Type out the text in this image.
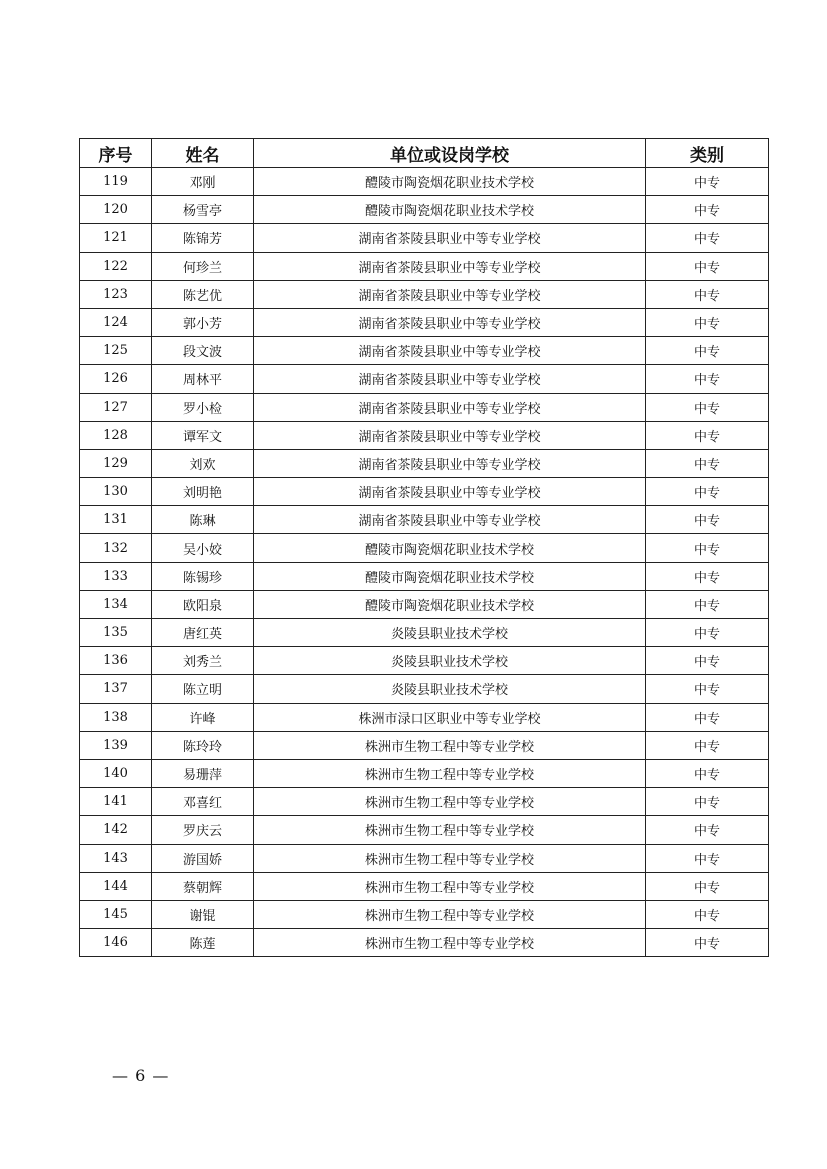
序号	姓名	单位或设岗学校	类别
119	邓刚	醴陵市陶瓷烟花职业技术学校	中专
120	杨雪亭	醴陵市陶瓷烟花职业技术学校	中专
121	陈锦芳	湖南省茶陵县职业中等专业学校	中专
122	何珍兰	湖南省茶陵县职业中等专业学校	中专
123	陈艺优	湖南省茶陵县职业中等专业学校	中专
124	郭小芳	湖南省茶陵县职业中等专业学校	中专
125	段文波	湖南省茶陵县职业中等专业学校	中专
126	周林平	湖南省茶陵县职业中等专业学校	中专
127	罗小检	湖南省茶陵县职业中等专业学校	中专
128	谭军文	湖南省茶陵县职业中等专业学校	中专
129	刘欢	湖南省茶陵县职业中等专业学校	中专
130	刘明艳	湖南省茶陵县职业中等专业学校	中专
131	陈琳	湖南省茶陵县职业中等专业学校	中专
132	吴小姣	醴陵市陶瓷烟花职业技术学校	中专
133	陈锡珍	醴陵市陶瓷烟花职业技术学校	中专
134	欧阳泉	醴陵市陶瓷烟花职业技术学校	中专
135	唐红英	炎陵县职业技术学校	中专
136	刘秀兰	炎陵县职业技术学校	中专
137	陈立明	炎陵县职业技术学校	中专
138	许峰	株洲市渌口区职业中等专业学校	中专
139	陈玲玲	株洲市生物工程中等专业学校	中专
140	易珊萍	株洲市生物工程中等专业学校	中专
141	邓喜红	株洲市生物工程中等专业学校	中专
142	罗庆云	株洲市生物工程中等专业学校	中专
143	游国娇	株洲市生物工程中等专业学校	中专
144	蔡朝辉	株洲市生物工程中等专业学校	中专
145	谢锟	株洲市生物工程中等专业学校	中专
146	陈莲	株洲市生物工程中等专业学校	中专
— 6 —
